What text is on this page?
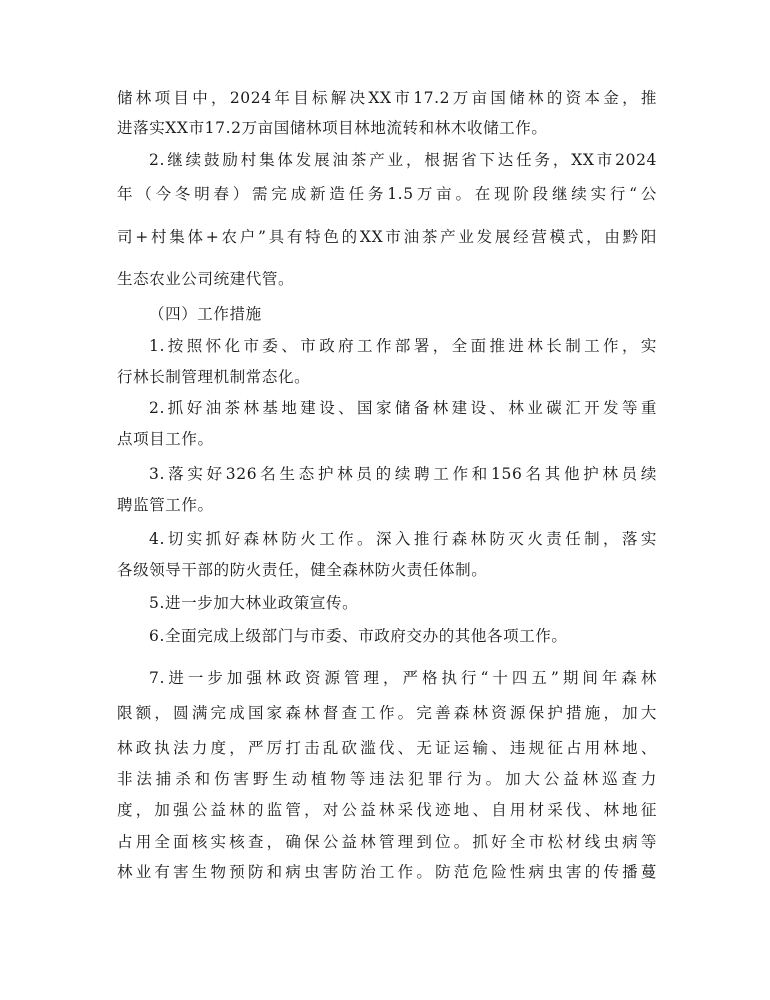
储林项目中，2024年目标解决XX市17.2万亩国储林的资本金，推
进落实XX市17.2万亩国储林项目林地流转和林木收储工作。
2.继续鼓励村集体发展油茶产业，根据省下达任务，XX市2024
年（今冬明春）需完成新造任务1.5万亩。在现阶段继续实行“公
司+村集体+农户”具有特色的XX市油茶产业发展经营模式，由黔阳
生态农业公司统建代管。
（四）工作措施
1.按照怀化市委、市政府工作部署，全面推进林长制工作，实
行林长制管理机制常态化。
2.抓好油茶林基地建设、国家储备林建设、林业碳汇开发等重
点项目工作。
3.落实好326名生态护林员的续聘工作和156名其他护林员续
聘监管工作。
4.切实抓好森林防火工作。深入推行森林防灭火责任制，落实
各级领导干部的防火责任，健全森林防火责任体制。
5.进一步加大林业政策宣传。
6.全面完成上级部门与市委、市政府交办的其他各项工作。
7.进一步加强林政资源管理，严格执行“十四五”期间年森林
限额，圆满完成国家森林督查工作。完善森林资源保护措施，加大
林政执法力度，严厉打击乱砍滥伐、无证运输、违规征占用林地、
非法捕杀和伤害野生动植物等违法犯罪行为。加大公益林巡查力
度，加强公益林的监管，对公益林采伐迹地、自用材采伐、林地征
占用全面核实核查，确保公益林管理到位。抓好全市松材线虫病等
林业有害生物预防和病虫害防治工作。防范危险性病虫害的传播蔓
